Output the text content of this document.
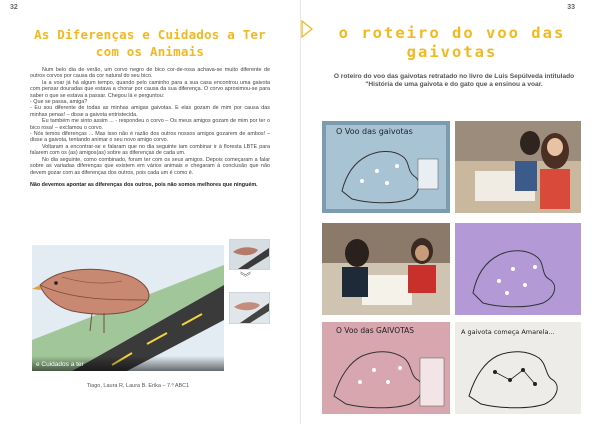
32
As Diferenças e Cuidados a Ter com os Animais

Num belo dia de verão, um corvo negro de bico cor-de-rosa achava-se muito diferente de outros corvos por causa da cor natural do seu bico.

Ia a voar já há algum tempo, quando pelo caminho para a sua casa encontrou uma gaivota com pensar douradas que estava a chorar por causa da sua diferença. O corvo aproximou-se para saber o que se estava a passar. Chegou lá e perguntou:

- Que se passa, amiga?

- Eu sou diferente de todas as minhas amigas gaivotas. E elas gozam de mim por causa das minhas penas! – disse a gaivota entristecida.

Eu também me sinto assim ... - respondeu o corvo – Os meus amigos gozam de mim por ter o bico rosa! – exclamou o corvo.

- Nós temos diferenças ... Mas isso não é razão dos outros nossos amigos gozarem de ambos! – disse a gaivota, tentando animar o seu novo amigo corvo.

Voltaram a encontrar-se e falaram que no dia seguinte iam combinar ir à floresta LBTE para falarem com os (as) amigos(as) sobre as diferenças de cada um.

No dia seguinte, como combinado, foram ter com os seus amigos. Depois começaram a falar sobre as variadas diferenças que existem em vários animais e chegaram à conclusão que não devem gozar com as diferenças dos outros, pois cada um é como é.

Não devemos apontar as diferenças dos outros, pois não somos melhores que ninguém.

e Cuidados a ter
︾
Tiago, Laura R, Laura B. Erika – 7.º ABC1
33
o roteiro do voo das gaivotas
O roteiro do voo das gaivotas retratado no livro de Luís Sepúlveda intitulado "História de uma gaivota e do gato que a ensinou a voar.
O Voo das gaivotas
O Voo das GAIVOTAS	A gaivota começa Amarela...
